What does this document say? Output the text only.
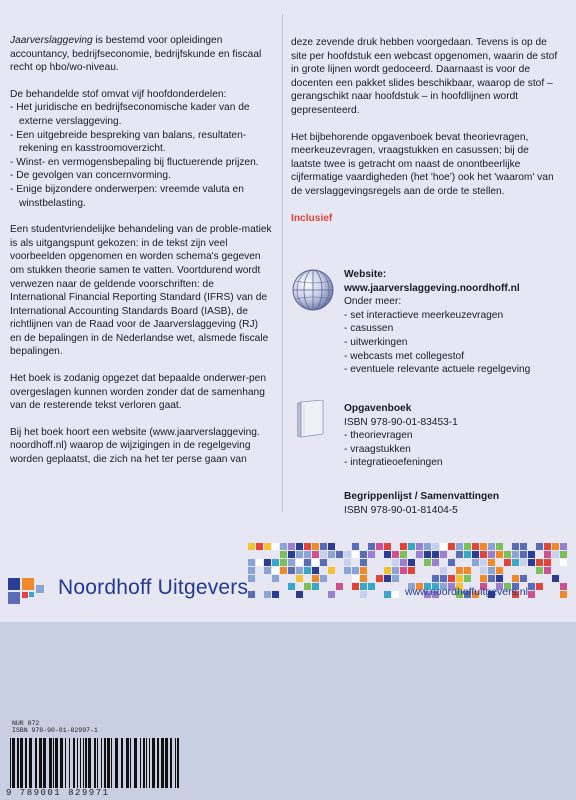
Jaarverslaggeving is bestemd voor opleidingen accountancy, bedrijfseconomie, bedrijfskunde en fiscaal recht op hbo/wo-niveau.

De behandelde stof omvat vijf hoofdonderdelen:
- Het juridische en bedrijfseconomische kader van de externe verslaggeving.
- Een uitgebreide bespreking van balans, resultaten-rekening en kasstroomoverzicht.
- Winst- en vermogensbepaling bij fluctuerende prijzen.
- De gevolgen van concernvorming.
- Enige bijzondere onderwerpen: vreemde valuta en winstbelasting.

Een studentvriendelijke behandeling van de proble-matiek is als uitgangspunt gekozen: in de tekst zijn veel voorbeelden opgenomen en worden schema's gegeven om stukken theorie samen te vatten. Voortdurend wordt verwezen naar de geldende voorschriften: de International Financial Reporting Standard (IFRS) van de International Accounting Standards Board (IASB), de richtlijnen van de Raad voor de Jaarverslaggeving (RJ) en de bepalingen in de Nederlandse wet, alsmede fiscale bepalingen.

Het boek is zodanig opgezet dat bepaalde onderwer-pen overgeslagen kunnen worden zonder dat de samenhang van de resterende tekst verloren gaat.

Bij het boek hoort een website (www.jaarverslaggeving. noordhoff.nl) waarop de wijzigingen in de regelgeving worden geplaatst, die zich na het ter perse gaan van

deze zevende druk hebben voorgedaan. Tevens is op de site per hoofdstuk een webcast opgenomen, waarin de stof in grote lijnen wordt gedoceerd. Daarnaast is voor de docenten een pakket slides beschikbaar, waarop de stof – gerangschikt naar hoofdstuk – in hoofdlijnen wordt gepresenteerd.

Het bijbehorende opgavenboek bevat theorievragen, meerkeuzevragen, vraagstukken en casussen; bij de laatste twee is getracht om naast de onontbeerlijke cijfermatige vaardigheden (het 'hoe') ook het 'waarom' van de verslaggevingsregels aan de orde te stellen.

Inclusief
Website:
www.jaarverslaggeving.noordhoff.nl
Onder meer:
- set interactieve meerkeuzevragen
- casussen
- uitwerkingen
- webcasts met collegestof
- eventuele relevante actuele regelgeving
Opgavenboek
ISBN 978-90-01-83453-1
- theorievragen
- vraagstukken
- integratieoefeningen
Begrippenlijst / Samenvattingen
ISBN 978-90-01-81404-5
Noordhoff Uitgevers	www.noordhoffuitgevers.nl
NUR 872
ISBN 978-90-01-82997-1
9 789001 829971
